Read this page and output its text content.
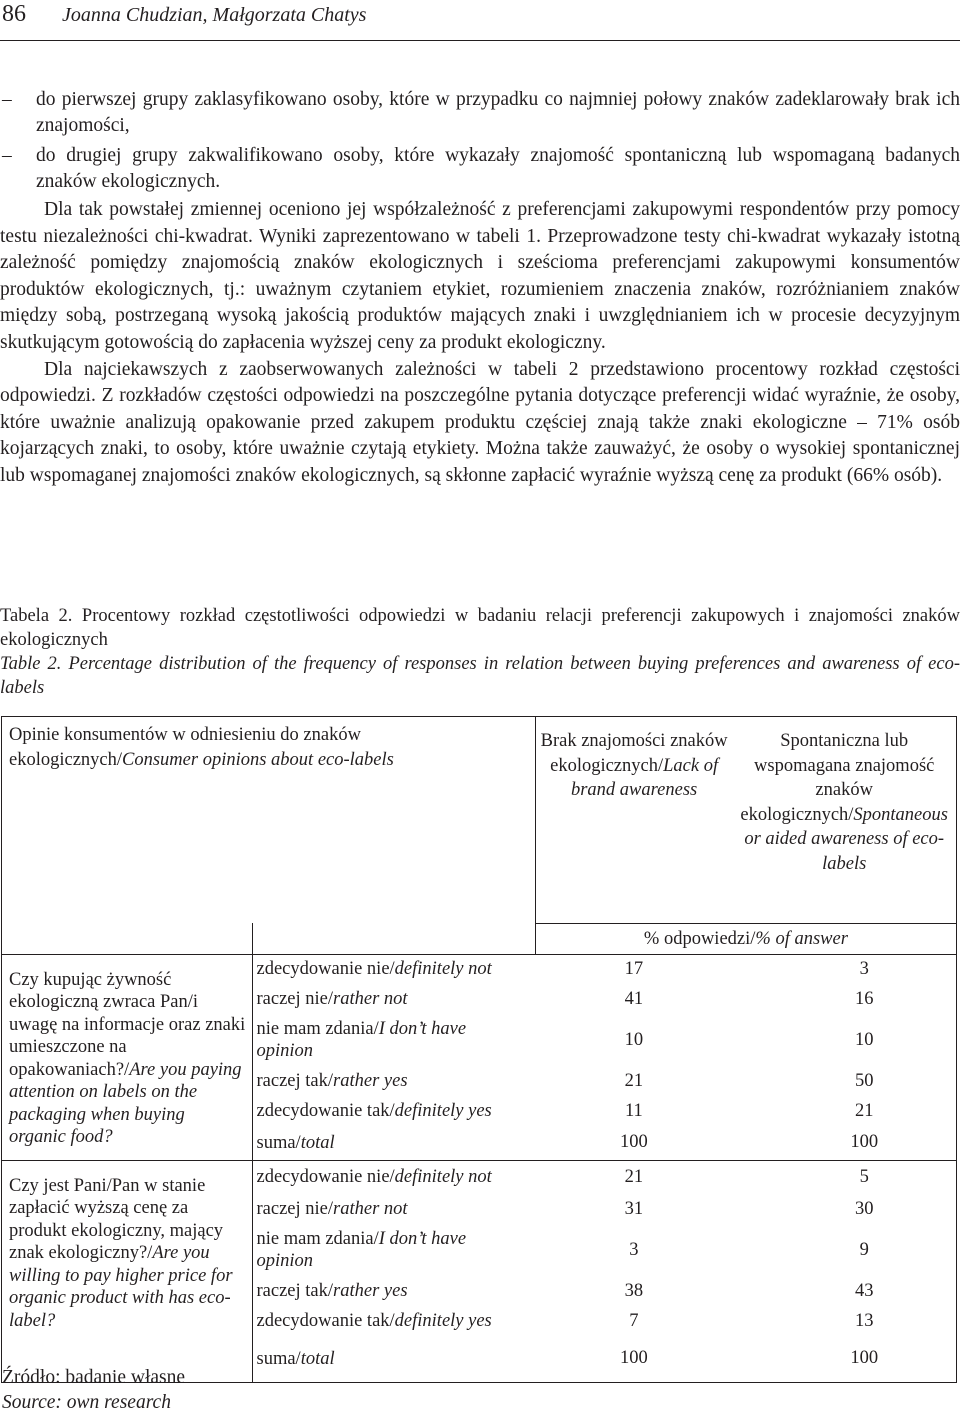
86 Joanna Chudzian, Małgorzata Chatys
– do pierwszej grupy zaklasyfikowano osoby, które w przypadku co najmniej połowy znaków zadeklarowały brak ich znajomości,
– do drugiej grupy zakwalifikowano osoby, które wykazały znajomość spontaniczną lub wspomaganą badanych znaków ekologicznych.

Dla tak powstałej zmiennej oceniono jej współzależność z preferencjami zakupowymi respondentów przy pomocy testu niezależności chi-kwadrat. Wyniki zaprezentowano w tabeli 1. Przeprowadzone testy chi-kwadrat wykazały istotną zależność pomiędzy znajomością znaków ekologicznych i sześcioma preferencjami zakupowymi konsumentów produktów ekologicznych, tj.: uważnym czytaniem etykiet, rozumieniem znaczenia znaków, rozróżnianiem znaków między sobą, postrzeganą wysoką jakością produktów mających znaki i uwzględnianiem ich w procesie decyzyjnym skutkującym gotowością do zapłacenia wyższej ceny za produkt ekologiczny.

Dla najciekawszych z zaobserwowanych zależności w tabeli 2 przedstawiono procentowy rozkład częstości odpowiedzi. Z rozkładów częstości odpowiedzi na poszczególne pytania dotyczące preferencji widać wyraźnie, że osoby, które uważnie analizują opakowanie przed zakupem produktu częściej znają także znaki ekologiczne – 71% osób kojarzących znaki, to osoby, które uważnie czytają etykiety. Można także zauważyć, że osoby o wysokiej spontanicznej lub wspomaganej znajomości znaków ekologicznych, są skłonne zapłacić wyraźnie wyższą cenę za produkt (66% osób).

Tabela 2. Procentowy rozkład częstotliwości odpowiedzi w badaniu relacji preferencji zakupowych i znajomości znaków ekologicznych

Table 2. Percentage distribution of the frequency of responses in relation between buying preferences and awareness of eco-labels

Opinie konsumentów w odniesieniu do znaków ekologicznych/Consumer opinions about eco-labels		Brak znajomości znaków ekologicznych/Lack of brand awareness	Spontaniczna lub wspomagana znajomość znaków ekologicznych/Spontaneous or aided awareness of eco-labels
		% odpowiedzi/% of answer	
Czy kupując żywność ekologiczną zwraca Pan/i uwagę na informacje oraz znaki umieszczone na opakowaniach?/Are you paying attention on labels on the packaging when buying organic food?	zdecydowanie nie/definitely not	17	3
	raczej nie/rather not	41	16
	nie mam zdania/I don’t have opinion	10	10
	raczej tak/rather yes	21	50
	zdecydowanie tak/definitely yes	11	21
	suma/total	100	100
Czy jest Pani/Pan w stanie zapłacić wyższą cenę za produkt ekologiczny, mający znak ekologiczny?/Are you willing to pay higher price for organic product with has eco-label?	zdecydowanie nie/definitely not	21	5
	raczej nie/rather not	31	30
	nie mam zdania/I don’t have opinion	3	9
	raczej tak/rather yes	38	43
	zdecydowanie tak/definitely yes	7	13
	suma/total	100	100
Źródło: badanie własne
Source: own research
